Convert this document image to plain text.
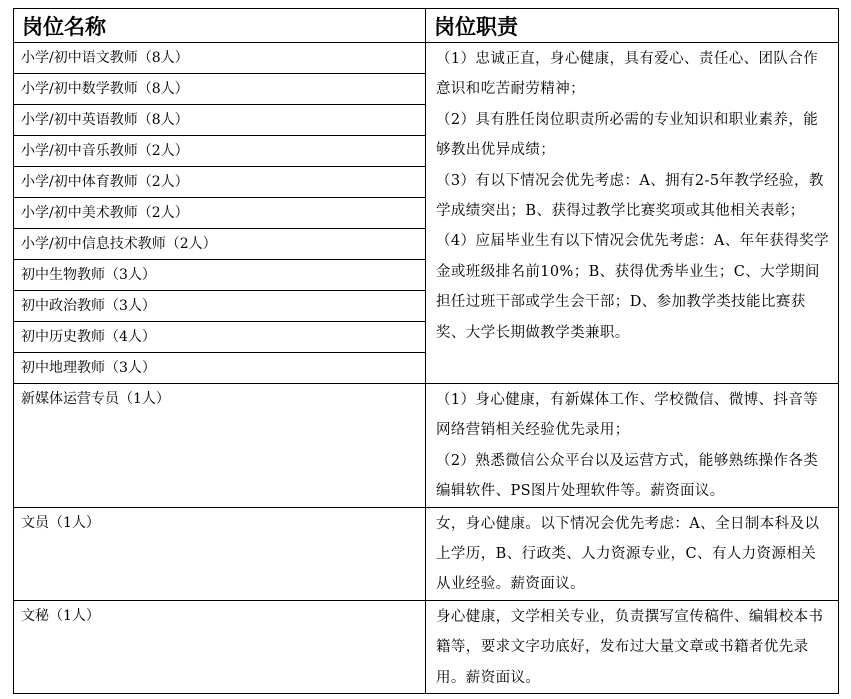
岗位名称	岗位职责
小学/初中语文教师（8人）	（1）忠诚正直，身心健康，具有爱心、责任心、团队合作意识和吃苦耐劳精神；

（2）具有胜任岗位职责所必需的专业知识和职业素养，能够教出优异成绩；

（3）有以下情况会优先考虑：A、拥有2-5年教学经验，教学成绩突出；B、获得过教学比赛奖项或其他相关表彰；

（4）应届毕业生有以下情况会优先考虑：A、年年获得奖学金或班级排名前10%；B、获得优秀毕业生；C、大学期间担任过班干部或学生会干部；D、参加教学类技能比赛获奖、大学长期做教学类兼职。

小学/初中数学教师（8人）	
小学/初中英语教师（8人）	
小学/初中音乐教师（2人）	
小学/初中体育教师（2人）	
小学/初中美术教师（2人）	
小学/初中信息技术教师（2人）	
初中生物教师（3人）	
初中政治教师（3人）	
初中历史教师（4人）	
初中地理教师（3人）	
新媒体运营专员（1人）	（1）身心健康，有新媒体工作、学校微信、微博、抖音等网络营销相关经验优先录用；

（2）熟悉微信公众平台以及运营方式，能够熟练操作各类编辑软件、PS图片处理软件等。薪资面议。

文员（1人）	女，身心健康。以下情况会优先考虑：A、全日制本科及以上学历，B、行政类、人力资源专业，C、有人力资源相关从业经验。薪资面议。

文秘（1人）	身心健康，文学相关专业，负责撰写宣传稿件、编辑校本书籍等，要求文字功底好，发布过大量文章或书籍者优先录用。薪资面议。
